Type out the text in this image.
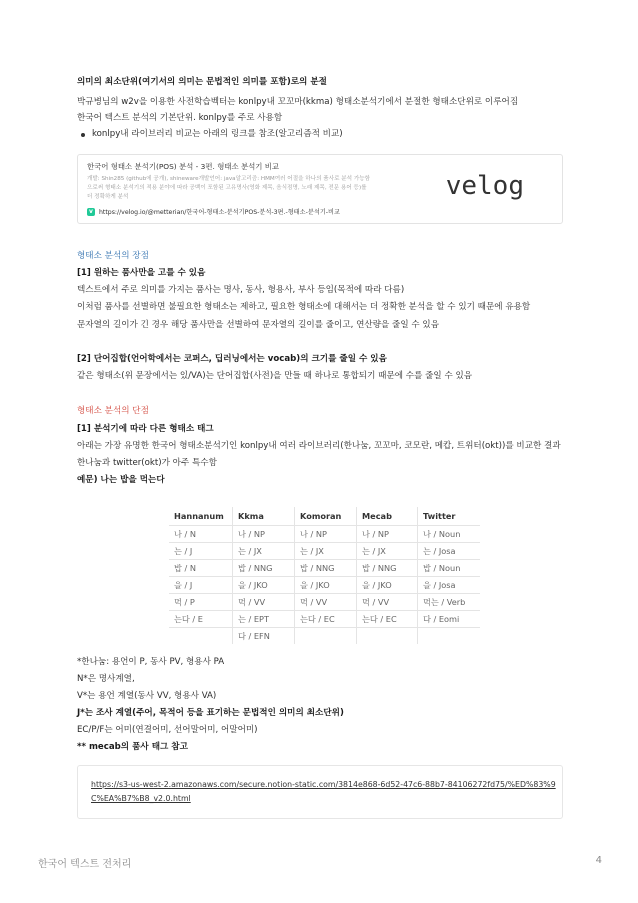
의미의 최소단위(여기서의 의미는 문법적인 의미를 포함)로의 분절
박규병님의 w2v을 이용한 사전학습벡터는 konlpy내 꼬꼬마(kkma) 형태소분석기에서 분절한 형태소단위로 이루어짐
한국어 텍스트 분석의 기본단위. konlpy를 주로 사용함
konlpy내 라이브러리 비교는 아래의 링크를 참조(알고리즘적 비교)
한국어 형태소 분석기(POS) 분석 - 3편. 형태소 분석기 비교
개발: Shin285 (github에 공개), shineware개발언어: java알고리즘: HMM여러 어절을 하나의 품사로 분석 가능함
으로써 형태소 분석기의 적용 분야에 따라 공백이 포함된 고유명사(영화 제목, 음식점명, 노래 제목, 전문 용어 등)를
더 정확하게 분석
v https://velog.io/@metterian/한국어-형태소-분석기POS-분석-3편.-형태소-분석기-비교
velog
형태소 분석의 장점
[1] 원하는 품사만을 고를 수 있음
텍스트에서 주로 의미를 가지는 품사는 명사, 동사, 형용사, 부사 등임(목적에 따라 다름)
이처럼 품사를 선별하면 불필요한 형태소는 제하고, 필요한 형태소에 대해서는 더 정확한 분석을 할 수 있기 때문에 유용함
문자열의 길이가 긴 경우 해당 품사만을 선별하여 문자열의 길이를 줄이고, 연산량을 줄일 수 있음
[2] 단어집합(언어학에서는 코퍼스, 딥러닝에서는 vocab)의 크기를 줄일 수 있음
같은 형태소(위 문장에서는 있/VA)는 단어집합(사전)을 만들 때 하나로 통합되기 때문에 수를 줄일 수 있음
형태소 분석의 단점
[1] 분석기에 따라 다른 형태소 태그
아래는 가장 유명한 한국어 형태소분석기인 konlpy내 여러 라이브러리(한나눔, 꼬꼬마, 코모란, 메캅, 트위터(okt))를 비교한 결과
한나눔과 twitter(okt)가 아주 특수함
예문) 나는 밥을 먹는다
Hannanum	Kkma	Komoran	Mecab	Twitter
나 / N	나 / NP	나 / NP	나 / NP	나 / Noun
는 / J	는 / JX	는 / JX	는 / JX	는 / Josa
밥 / N	밥 / NNG	밥 / NNG	밥 / NNG	밥 / Noun
을 / J	을 / JKO	을 / JKO	을 / JKO	을 / Josa
먹 / P	먹 / VV	먹 / VV	먹 / VV	먹는 / Verb
는다 / E	는 / EPT	는다 / EC	는다 / EC	다 / Eomi
	다 / EFN			
*한나눔: 용언이 P, 동사 PV, 형용사 PA
N*은 명사계열,
V*는 용언 계열(동사 VV, 형용사 VA)
J*는 조사 계열(주어, 목적어 등을 표기하는 문법적인 의미의 최소단위)
EC/P/F는 어미(연결어미, 선어말어미, 어말어미)
** mecab의 품사 태그 참고
https://s3-us-west-2.amazonaws.com/secure.notion-static.com/3814e868-6d52-47c6-88b7-84106272fd75/%ED%83%9
C%EA%B7%B8_v2.0.html
한국어 텍스트 전처리	4
